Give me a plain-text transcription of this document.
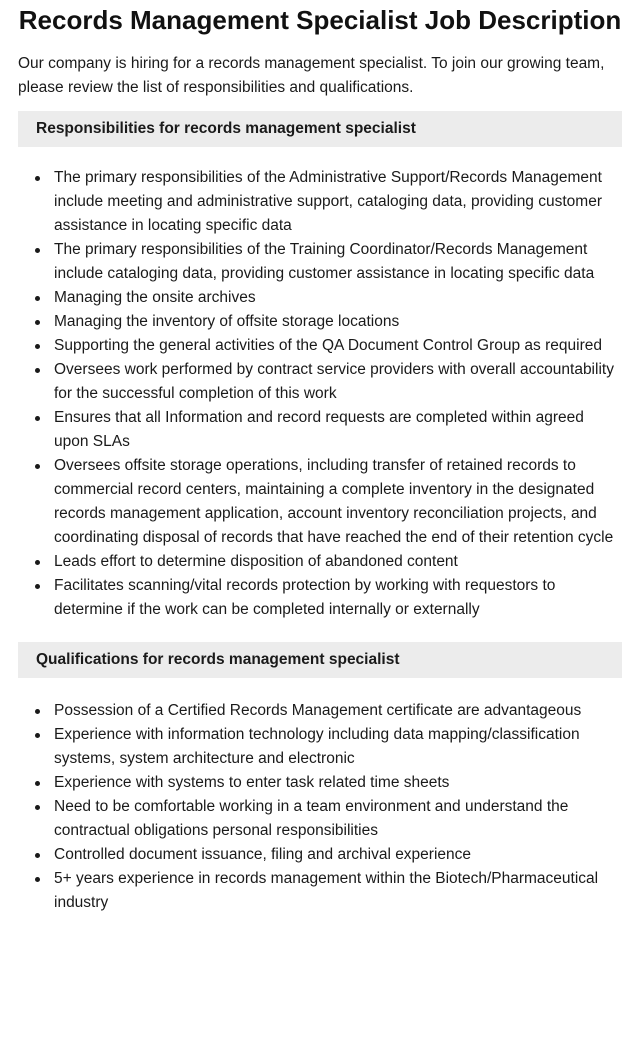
Records Management Specialist Job Description

Our company is hiring for a records management specialist. To join our growing team, please review the list of responsibilities and qualifications.

Responsibilities for records management specialist
The primary responsibilities of the Administrative Support/Records Management include meeting and administrative support, cataloging data, providing customer assistance in locating specific data
The primary responsibilities of the Training Coordinator/Records Management include cataloging data, providing customer assistance in locating specific data
Managing the onsite archives
Managing the inventory of offsite storage locations
Supporting the general activities of the QA Document Control Group as required
Oversees work performed by contract service providers with overall accountability for the successful completion of this work
Ensures that all Information and record requests are completed within agreed upon SLAs
Oversees offsite storage operations, including transfer of retained records to commercial record centers, maintaining a complete inventory in the designated records management application, account inventory reconciliation projects, and coordinating disposal of records that have reached the end of their retention cycle
Leads effort to determine disposition of abandoned content
Facilitates scanning/vital records protection by working with requestors to determine if the work can be completed internally or externally
Qualifications for records management specialist
Possession of a Certified Records Management certificate are advantageous
Experience with information technology including data mapping/classification systems, system architecture and electronic
Experience with systems to enter task related time sheets
Need to be comfortable working in a team environment and understand the contractual obligations personal responsibilities
Controlled document issuance, filing and archival experience
5+ years experience in records management within the Biotech/Pharmaceutical industry
